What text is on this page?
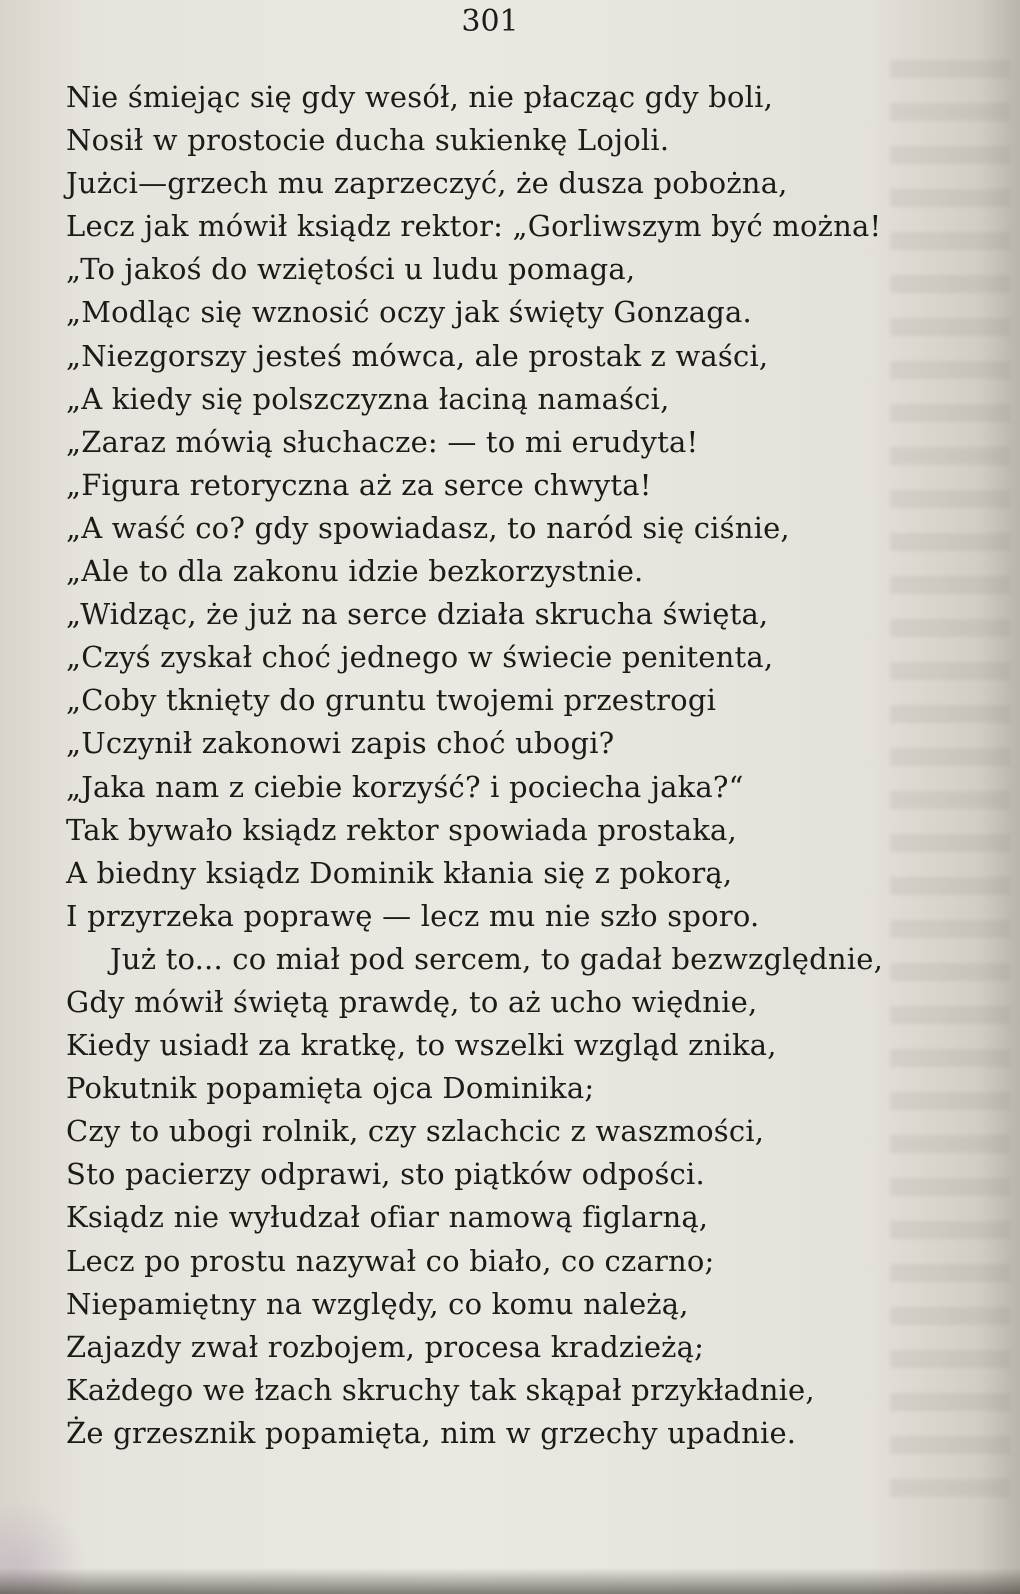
301
Nie śmiejąc się gdy wesół, nie płacząc gdy boli,
Nosił w prostocie ducha sukienkę Lojoli.
Jużci—grzech mu zaprzeczyć, że dusza pobożna,
Lecz jak mówił ksiądz rektor: „Gorliwszym być można!
„To jakoś do wziętości u ludu pomaga,
„Modląc się wznosić oczy jak święty Gonzaga.
„Niezgorszy jesteś mówca, ale prostak z waści,
„A kiedy się polszczyzna łaciną namaści,
„Zaraz mówią słuchacze: — to mi erudyta!
„Figura retoryczna aż za serce chwyta!
„A waść co? gdy spowiadasz, to naród się ciśnie,
„Ale to dla zakonu idzie bezkorzystnie.
„Widząc, że już na serce działa skrucha święta,
„Czyś zyskał choć jednego w świecie penitenta,
„Coby tknięty do gruntu twojemi przestrogi
„Uczynił zakonowi zapis choć ubogi?
„Jaka nam z ciebie korzyść? i pociecha jaka?“
Tak bywało ksiądz rektor spowiada prostaka,
A biedny ksiądz Dominik kłania się z pokorą,
I przyrzeka poprawę — lecz mu nie szło sporo.
Już to... co miał pod sercem, to gadał bezwzględnie,
Gdy mówił świętą prawdę, to aż ucho więdnie,
Kiedy usiadł za kratkę, to wszelki wzgląd znika,
Pokutnik popamięta ojca Dominika;
Czy to ubogi rolnik, czy szlachcic z waszmości,
Sto pacierzy odprawi, sto piątków odpości.
Ksiądz nie wyłudzał ofiar namową figlarną,
Lecz po prostu nazywał co biało, co czarno;
Niepamiętny na względy, co komu należą,
Zajazdy zwał rozbojem, procesa kradzieżą;
Każdego we łzach skruchy tak skąpał przykładnie,
Że grzesznik popamięta, nim w grzechy upadnie.
